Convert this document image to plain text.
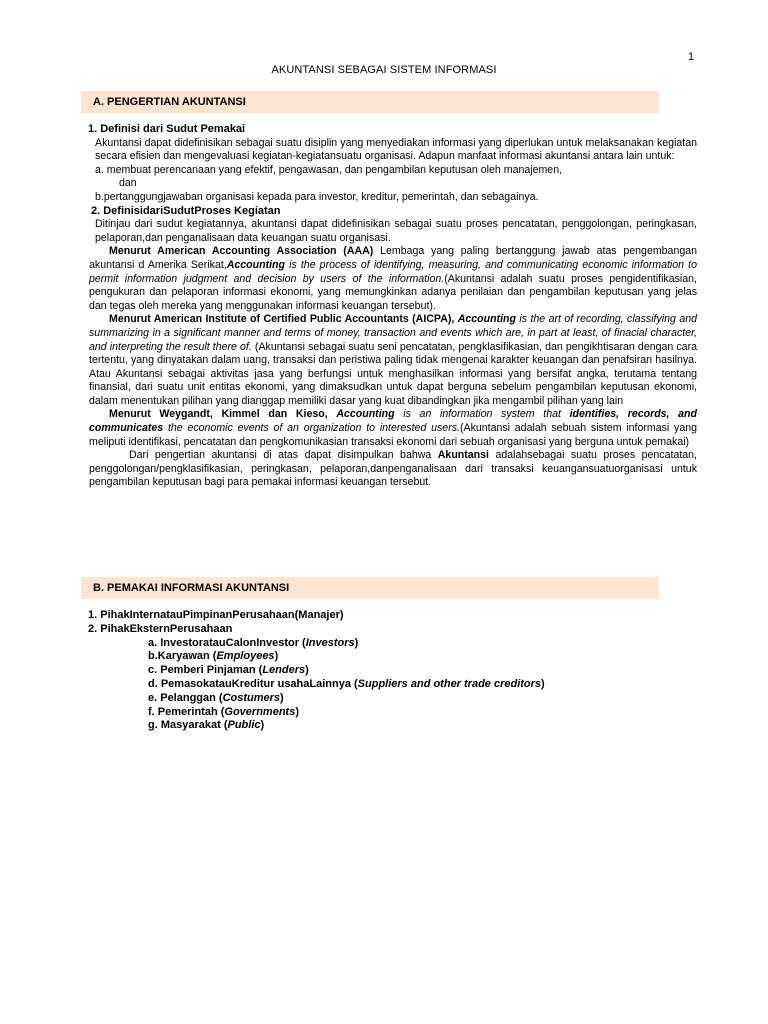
1
AKUNTANSI SEBAGAI SISTEM INFORMASI
A. PENGERTIAN AKUNTANSI

1. Definisi dari Sudut Pemakai

Akuntansi dapat didefinisikan sebagai suatu disiplin yang menyediakan informasi yang diperlukan untuk melaksanakan kegiatan secara efisien dan mengevaluasi kegiatan-kegiatansuatu organisasi. Adapun manfaat informasi akuntansi antara lain untuk:

a. membuat perencanaan yang efektif, pengawasan, dan pengambilan keputusan oleh manajemen,

dan

b.pertanggungjawaban organisasi kepada para investor, kreditur, pemerintah, dan sebagainya.

2. DefinisidariSudutProses Kegiatan

Ditinjau dari sudut kegiatannya, akuntansi dapat didefinisikan sebagai suatu proses pencatatan, penggolongan, peringkasan, pelaporan,dan penganalisaan data keuangan suatu organisasi.

Menurut American Accounting Association (AAA) Lembaga yang paling bertanggung jawab atas pengembangan akuntansi d Amerika Serikat,Accounting is the process of identifying, measuring, and communicating economic information to permit information judgment and decision by users of the information.(Akuntansi adalah suatu proses pengidentifikasian, pengukuran dan pelaporan informasi ekonomi, yang memungkinkan adanya penilaian dan pengambilan keputusan yang jelas dan tegas oleh mereka yang menggunakan informasi keuangan tersebut).

Menurut American Institute of Certified Public Accountants (AICPA), Accounting is the art of recording, classifying and summarizing in a significant manner and terms of money, transaction and events which are, in part at least, of finacial character, and interpreting the result there of. (Akuntansi sebagai suatu seni pencatatan, pengklasifikasian, dan pengikhtisaran dengan cara tertentu, yang dinyatakan dalam uang, transaksi dan peristiwa paling tidak mengenai karakter keuangan dan penafsiran hasilnya. Atau Akuntansi sebagai aktivitas jasa yang berfungsi untuk menghasilkan informasi yang bersifat angka, terutama tentang finansial, dari suatu unit entitas ekonomi, yang dimaksudkan untuk dapat berguna sebelum pengambilan keputusan ekonomi, dalam menentukan pilihan yang dianggap memiliki dasar yang kuat dibandingkan jika mengambil pilihan yang lain

Menurut Weygandt, Kimmel dan Kieso, Accounting is an information system that identifies, records, and communicates the economic events of an organization to interested users.(Akuntansi adalah sebuah sistem informasi yang meliputi identifikasi, pencatatan dan pengkomunikasian transaksi ekonomi dari sebuah organisasi yang berguna untuk pemakai)

Dari pengertian akuntansi di atas dapat disimpulkan bahwa Akuntansi adalahsebagai suatu proses pencatatan, penggolongan/pengklasifikasian, peringkasan, pelaporan,danpenganalisaan dari transaksi keuangansuatuorganisasi untuk pengambilan keputusan bagi para pemakai informasi keuangan tersebut.

B. PEMAKAI INFORMASI AKUNTANSI

1. PihakInternatauPimpinanPerusahaan(Manajer)

2. PihakEksternPerusahaan

a. InvestoratauCalonInvestor (Investors)

b.Karyawan (Employees)

c. Pemberi Pinjaman (Lenders)

d. PemasokatauKreditur usahaLainnya (Suppliers and other trade creditors)

e. Pelanggan (Costumers)

f. Pemerintah (Governments)

g. Masyarakat (Public)
